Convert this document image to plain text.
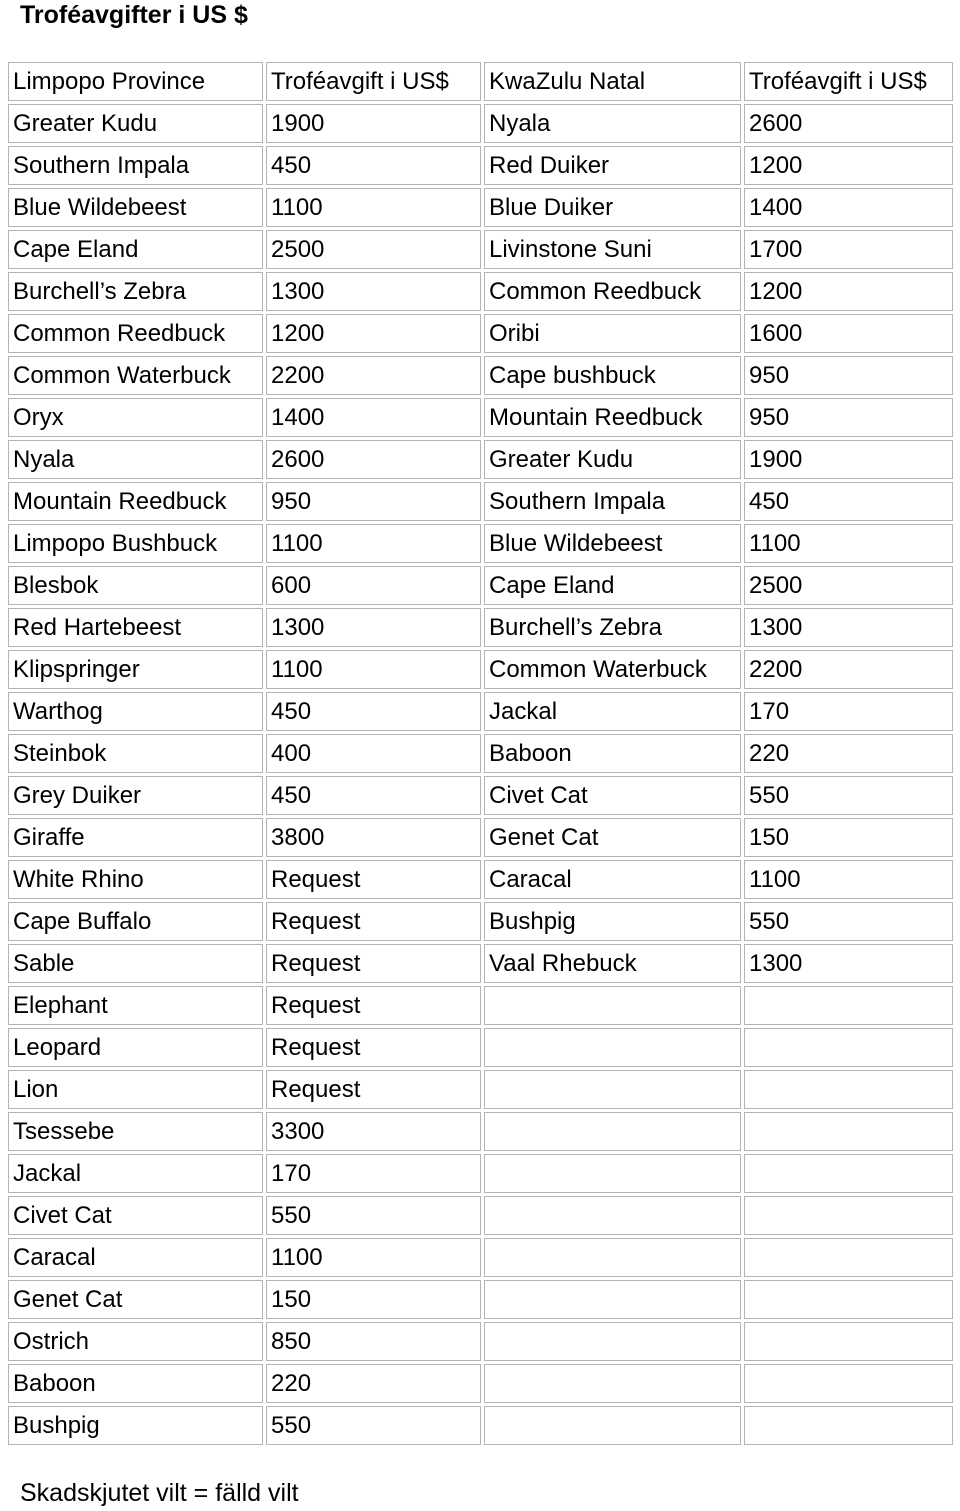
Troféavgifter i US $
Limpopo Province	Troféavgift i US$	KwaZulu Natal	Troféavgift i US$
Greater Kudu	1900	Nyala	2600
Southern Impala	450	Red Duiker	1200
Blue Wildebeest	1100	Blue Duiker	1400
Cape Eland	2500	Livinstone Suni	1700
Burchell’s Zebra	1300	Common Reedbuck	1200
Common Reedbuck	1200	Oribi	1600
Common Waterbuck	2200	Cape bushbuck	950
Oryx	1400	Mountain Reedbuck	950
Nyala	2600	Greater Kudu	1900
Mountain Reedbuck	950	Southern Impala	450
Limpopo Bushbuck	1100	Blue Wildebeest	1100
Blesbok	600	Cape Eland	2500
Red Hartebeest	1300	Burchell’s Zebra	1300
Klipspringer	1100	Common Waterbuck	2200
Warthog	450	Jackal	170
Steinbok	400	Baboon	220
Grey Duiker	450	Civet Cat	550
Giraffe	3800	Genet Cat	150
White Rhino	Request	Caracal	1100
Cape Buffalo	Request	Bushpig	550
Sable	Request	Vaal Rhebuck	1300
Elephant	Request		
Leopard	Request		
Lion	Request		
Tsessebe	3300		
Jackal	170		
Civet Cat	550		
Caracal	1100		
Genet Cat	150		
Ostrich	850		
Baboon	220		
Bushpig	550		

Skadskjutet vilt = fälld vilt
